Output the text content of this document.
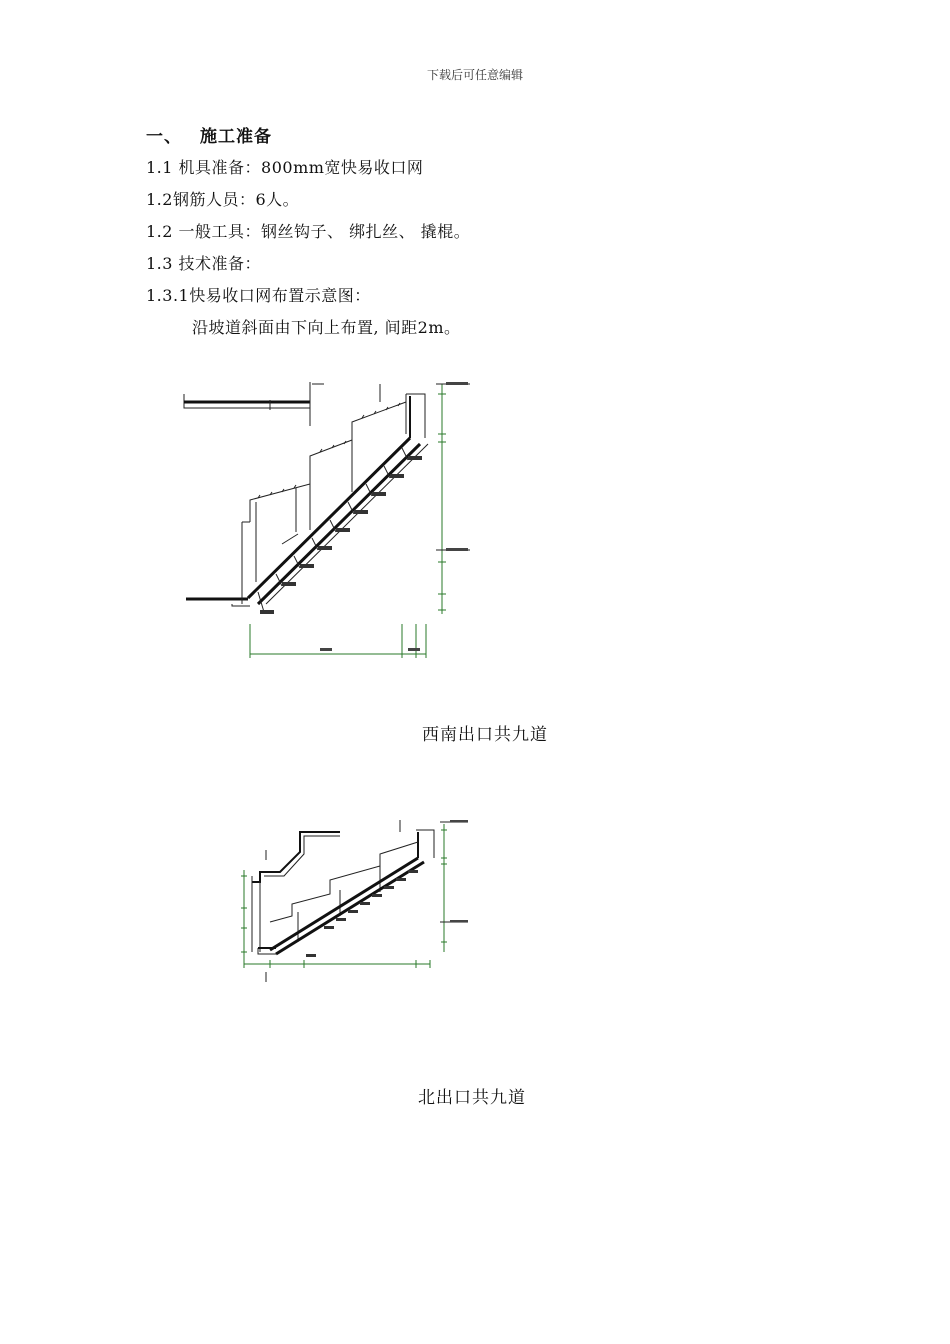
下载后可任意编辑
一、 施工准备
1.1 机具准备：800mm宽快易收口网
1.2钢筋人员：6人。
1.2 一般工具：钢丝钩子、 绑扎丝、 撬棍。
1.3 技术准备：
1.3.1快易收口网布置示意图：
沿坡道斜面由下向上布置, 间距2m。
西南出口共九道
北出口共九道
